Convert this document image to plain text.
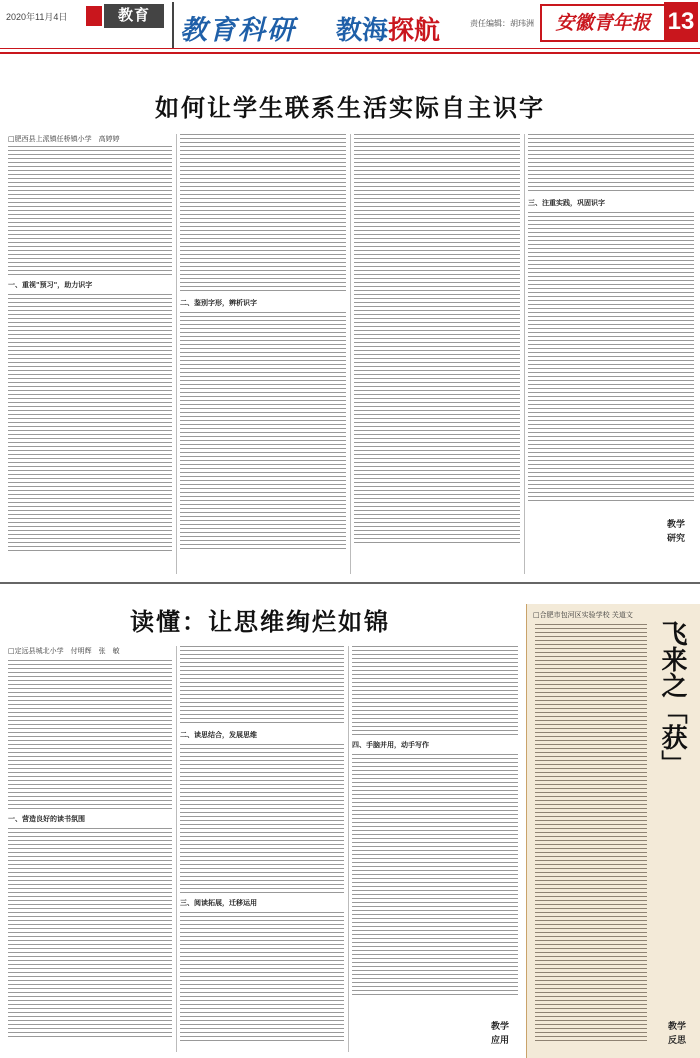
2020年11月4日	教育	教育科研 教海探航	责任编辑：胡玮洲	安徽青年报 13
如何让学生联系生活实际自主识字
□肥西县上派镇任桥镇小学　高婷婷
一、重视"预习"，助力识字
二、鉴别字形，辨析识字
三、注重实践，巩固识字
教学
研究
读懂：让思维绚烂如锦
□定远县城北小学　付明辉　张　敏
一、营造良好的读书氛围
二、读思结合，发展思维
三、阅读拓展，迁移运用
四、手脑并用，动手写作
教学
应用
□合肥市包河区实验学校 关道文
飞来之「获」
教学
反思
